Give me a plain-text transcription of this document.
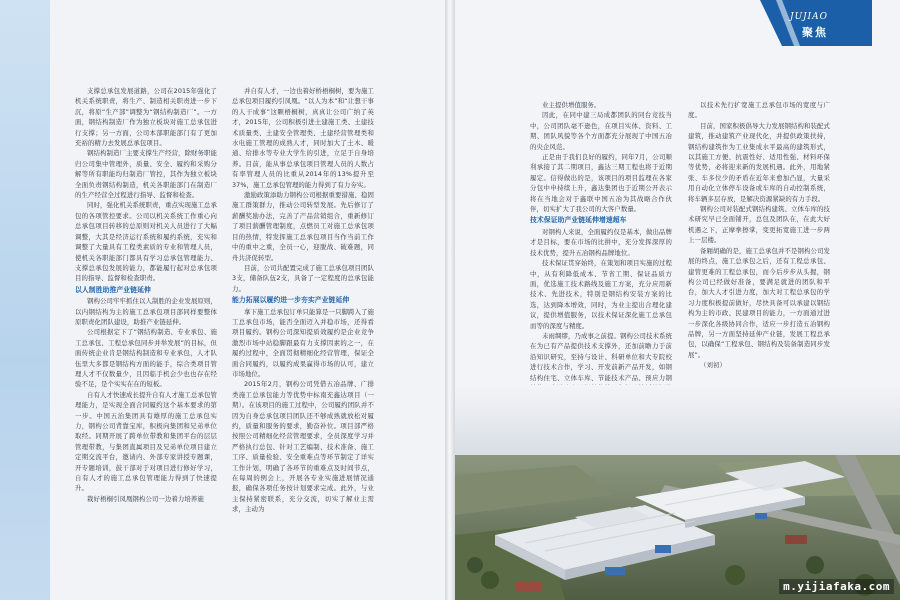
支撑总承包发展道路，公司在2015年强化了机关系统职责，将生产、制造相关职责进一步下沉，将原“生产部”调整为“钢结构制造厂”。一方面，钢结构制造厂作为独立板块对施工总承包进行支撑；另一方面，公司本部职能部门有了更加充裕的精力去发展总承包项目。

钢结构制造厂主要支撑生产经营，除财务职能归公司集中管理外，质量、安全、履约和采购分解等所有职能均归制造厂管控，其作为独立板块全面负责钢结构制造，机关各职能部门在制造厂的生产经营全过程进行指导、监督和检查。

同时，强化机关系统职责，重点实现施工总承包的各项管控要求。公司以机关系统工作重心向总承包项目转移的总原则对机关人员进行了大幅调整，大其是经济运行系统和履约系统，充实和调整了大量具有工程类素质的专业和管理人员，使机关各职能部门都具有学习总承包管理能力、支撑总承包发展的能力，都能履行起对总承包项目的指导、监督和检查职责。

以人制胜助推产业链延伸

钢构公司牢牢抓住以人制胜的企业发展原则，以内钢结构为主的施工总承包项目部同样要整体原职责化团队建设，助推产业链延伸。

公司根据定下了“钢结构制造、专业承包、施工总承包、工程总承包同步并举发展”的目标，但面传统企业肯是钢结构制造和专业承包，人才队伍里大多都是钢结构方面的能手，综合类项目管理人才不仅数量少，且因临手机会少也也存在经验不足，是个实实在在的短板。

自有人才快速成长提升自有人才施工总承包管理能力，是实现全面合同履约这个基本要求的第一步。中国五治集团具有雄厚的施工总承包实力，钢构公司背靠宝库，积极向集团和兄弟单位取经。同期开展了跨单位带教和集团平台的层层管理带教，与集团直属项目及兄弟单位项目建立定期交流平台，邀请内、外部专家讲授专题课，开专题培训，鼓干部对于对项目进行修好学习，自有人才的施工总承包管理能力得到了快速提升。

栽好梧桐引凤凰钢构公司一边着力培养施

并自有人才，一边也着好桥梧桐树，要为施工总承包项目履约引凤凰。“以人为本”和“让想干事的人干成事”这颗梧桐树，真真让公司广纳了英才，2015年，公司积极引进土建施工类、土建技术质量类、土建安全管理类、土建经营管理类和水电施工管理的成熟人才，同时加大了土木、暖通、给排水等专业大学生的引进，立足于自身培养。目前，能从事总承包项目管理人员的人数占有率管理人员的比重从2014年的13%提升至37%，施工总承包管理的能力得到了有力夯实。

激励政策添助力钢构公司根据重要措施、稳固施工群策群力，推动公司转型发展。先后修订了薪酬奖励办法，完善了产品营销组合，重新修订了项目薪酬管理制度，点燃员工对施工总承包项目的热情，特发挥施工总承包项目当作当前工作中的重中之重，全员一心，迎脱战、破难题，同舟共济促转型。

目前，公司共配置完成了施工总承包项目团队3支，储备队伍2支，具备了一定程度的总承包能力。

能力拓展以履约进一步夯实产业链延伸

拿下施工总承包订单只能算是一只脚跨入了施工总承包市场，能否全面迈入并稳市场，还得看项目履约。钢构公司深知提质效履约是企业竞争激烈市场中站稳脚跟最有力支撑因素的之一，在履约过程中，全面贯彻精细化经营管理，保证全面合同履约，以履约成果赢得市场的认可，建立市场地位。

2015年2月，钢构公司凭借五冶品牌、广排类施工总承包能力等优势中标南充鑫达项目（一期）。在该项目的施工过程中，公司履约团队并不因为自身总承包项目团队还不够成熟就放松对履约，质量和服务的要求，勤奋补位。项目部严格按照公司精细化经营管理要求，全员深度学习并严格执行总包、针对工艺编制、技术准备、施工工序、质量检验、安全重难点等环节制定了详实工作计划，明确了各环节的重难点及时间节点，在每周的例会上，开展各专业实施进展情况通报，确保各项任务按计划要求完成。此外，与业主保持紧密联系，充分交流，切实了解业主需求，主动为

JUJIAO
聚焦

业主提供增值服务。

因此，在同中建三局成都团队的同台竞技当中，公司团队毫不逊色，在项目实体、资料、工期、团队风貌等各个方面都充分展现了中国五冶的央企风范。

正是由于我们良好的履约，同年7月，公司顺利承接了其二期项目，鑫达三期工程也将于近期履定。信得做出的是，该项目的项目监理在各家分包中申持续上升，鑫达集团也于近期公开表示将在当地会对于鑫联中国五冶为其战略合作伙伴，切实扩大了我公司的大客户数量。

技术保证助产业链延伸增速超车

对钢构人来说，全面履约仅是基本，做出品牌才是目标，要在市场的比拼中，充分发挥深厚的技术优势，提升五冶钢构品牌地位。

技术保证贯穿始终，在策划和项目实施的过程中，从有利降低成本、节省工期、保证品质方面，优选施工技术路线及施工方案，充分应用新技术、先进技术，特别是钢结构安装方案的比选，达到降本增效，同时，为业主提出合理化建议，提供增值服务，以技术保证深化施工总承包而等的深度与精度。

未雨绸缪，乃成事之前提。钢构公司技术系统在为已有产品提供技术支撑外，还加前瞻力于前沿知识研究，至持与设计、科研单位和大专院校进行技术合作，学习、开发前新产品开发，如钢结构住宅、立体车库、节能技术产品、预应力钢

以技术先行扩宽施工总承包市场的宽度与广度。

目前，国家积极倡导大力发展钢结构和装配式建筑，推动建筑产业现代化，并提供政策扶持，钢结构建筑作为工业集成水平最高的建筑形式，以其施工方便、抗震性好、适用性强、材料环保等优势，必将迎来新的发展机遇。此外，用地紧张、车多位少的矛盾在近年来愈加凸显，大量采用自动化立体停车设备或车库的自动控制系统，将车辆多层存放，是解决资源紧缺的有力手段。

钢构公司对装配式钢结构建筑、立体车库的技术研究早已全面铺开，总包及团队在，在此大好机遇之下，正摩拳擦掌，变更拓宽施工进一步两上一层楼。

备厢胡确的是，施工总承包并不是钢构公司发展的终点，施工总承包之后，还有工程总承包、建管更难的工程总承包，而今后步步从头握，钢构公司已经做好准备，要满足就进的团队和平台，加大人才引进力度，加大对工程总承包的学习力度积极提前做好，尽快具备可以承建以钢结构为主的市政、民建项目的能力，一方面通过进一步深化各级协同合作，适应一步打造五冶钢构品牌，另一方面坚持延伸产业链，发展工程总承包，以确保“工程承包、钢结构及装备制造同步发展”。

（刘初）

m.yijiafaka.com
